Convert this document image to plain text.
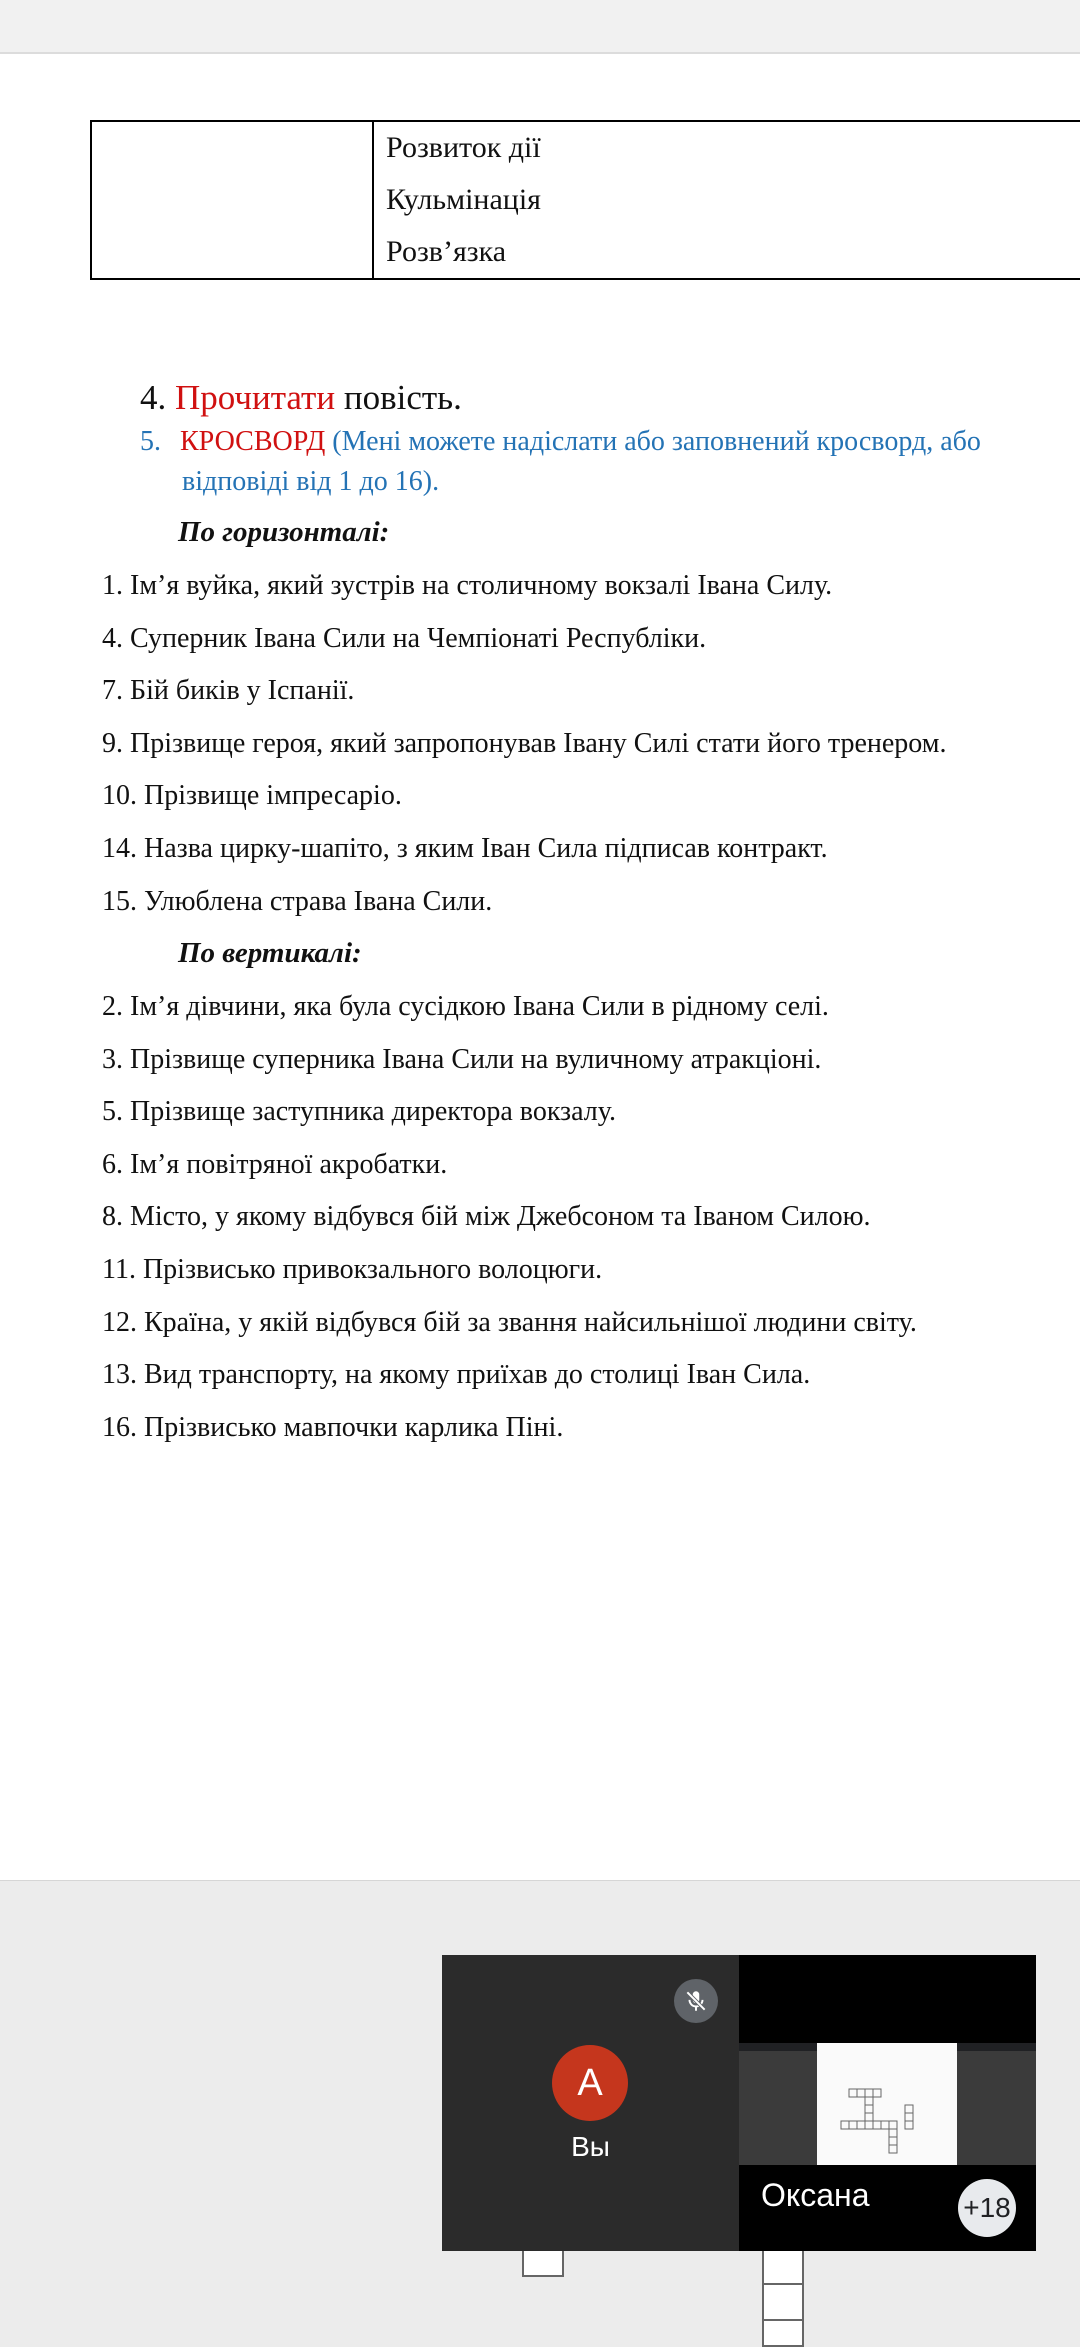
Розвиток дії
Кульмінація
Розв’язка
4. Прочитати повість.
5. КРОСВОРД (Мені можете надіслати або заповнений кросворд, або
відповіді від 1 до 16).
По горизонталі:
1. Ім’я вуйка, який зустрів на столичному вокзалі Івана Силу.
4. Суперник Івана Сили на Чемпіонаті Республіки.
7. Бій биків у Іспанії.
9. Прізвище героя, який запропонував Івану Силі стати його тренером.
10. Прізвище імпресаріо.
14. Назва цирку-шапіто, з яким Іван Сила підписав контракт.
15. Улюблена страва Івана Сили.
По вертикалі:
2. Ім’я дівчини, яка була сусідкою Івана Сили в рідному селі.
3. Прізвище суперника Івана Сили на вуличному атракціоні.
5. Прізвище заступника директора вокзалу.
6. Ім’я повітряної акробатки.
8. Місто, у якому відбувся бій між Джебсоном та Іваном Силою.
11. Прізвисько привокзального волоцюги.
12. Країна, у якій відбувся бій за звання найсильнішої людини світу.
13. Вид транспорту, на якому приїхав до столиці Іван Сила.
16. Прізвисько мавпочки карлика Піні.
А
Вы
Оксана	+18
